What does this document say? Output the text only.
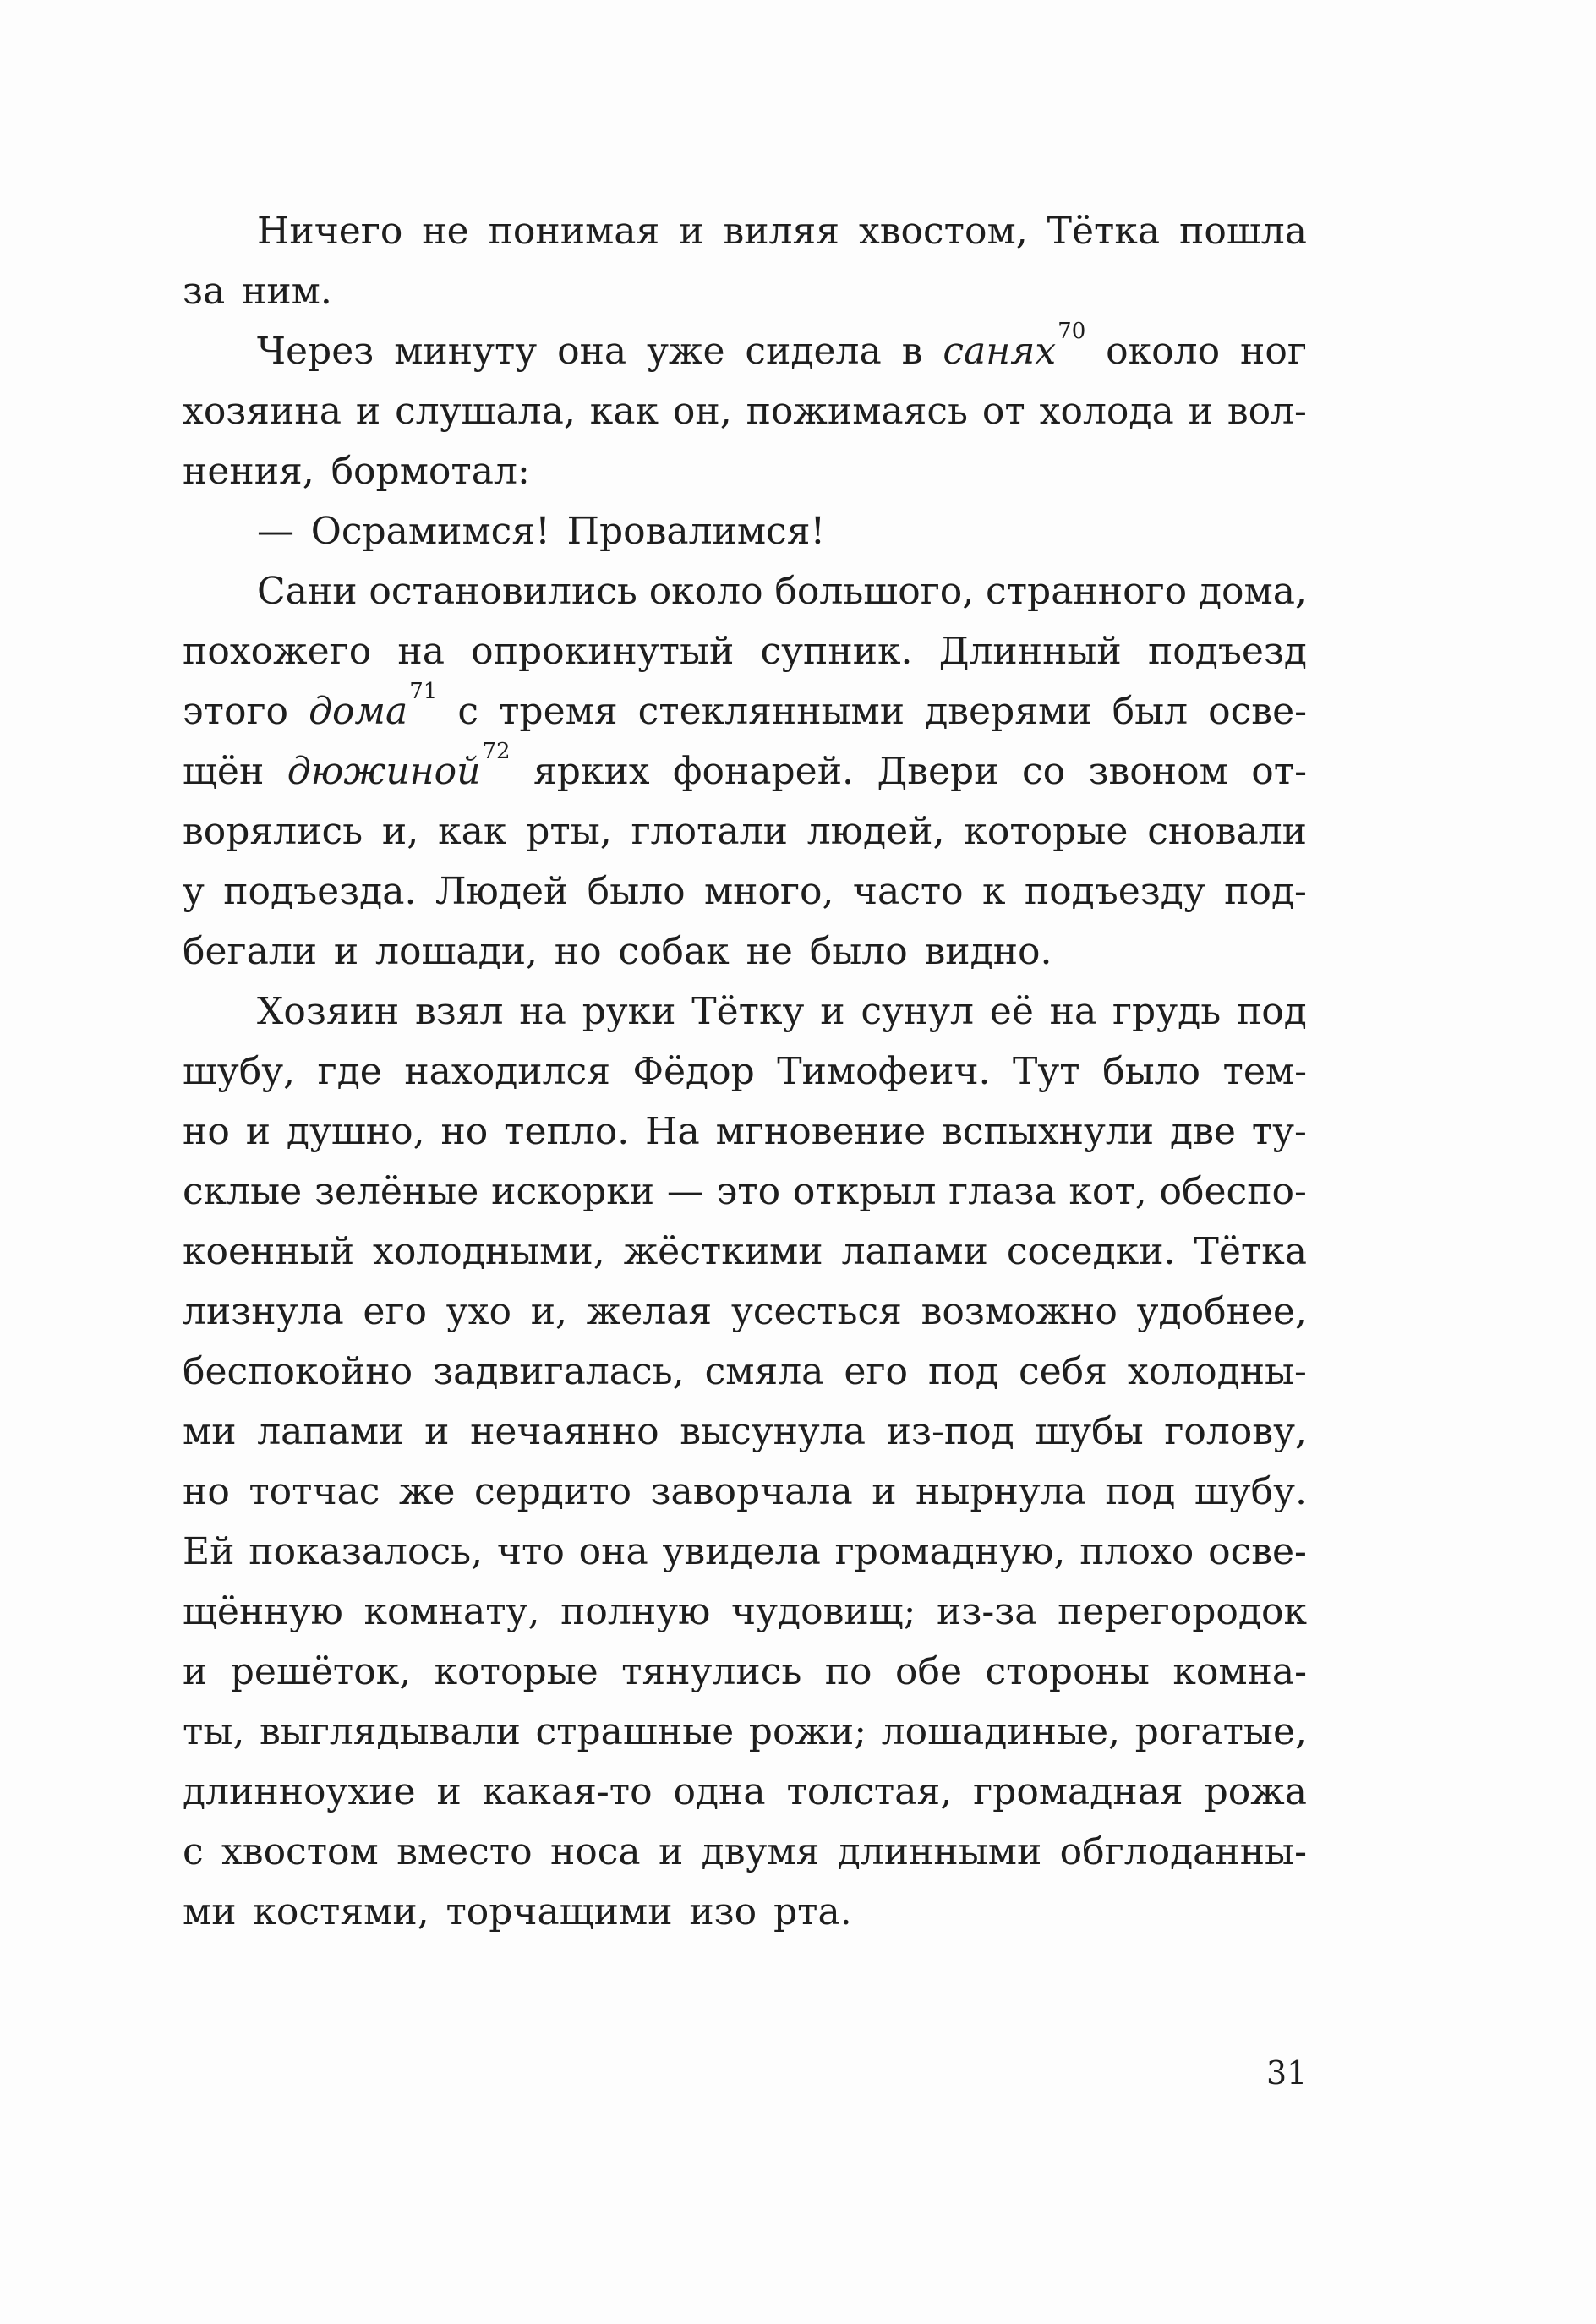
Ничего не понимая и виляя хвостом, Тётка пошла
за ним.
Через минуту она уже сидела в санях$^{70}$ около ног
хозяина и слушала, как он, пожимаясь от холода и вол-
нения, бормотал:
— Осрамимся! Провалимся!
Сани остановились около большого, странного дома,
похожего на опрокинутый супник. Длинный подъезд
этого дома$^{71}$ с тремя стеклянными дверями был осве-
щён дюжиной$^{72}$ ярких фонарей. Двери со звоном от-
ворялись и, как рты, глотали людей, которые сновали
у подъезда. Людей было много, часто к подъезду под-
бегали и лошади, но собак не было видно.
Хозяин взял на руки Тётку и сунул её на грудь под
шубу, где находился Фёдор Тимофеич. Тут было тем-
но и душно, но тепло. На мгновение вспыхнули две ту-
склые зелёные искорки — это открыл глаза кот, обеспо-
коенный холодными, жёсткими лапами соседки. Тётка
лизнула его ухо и, желая усесться возможно удобнее,
беспокойно задвигалась, смяла его под себя холодны-
ми лапами и нечаянно высунула из-под шубы голову,
но тотчас же сердито заворчала и нырнула под шубу.
Ей показалось, что она увидела громадную, плохо осве-
щённую комнату, полную чудовищ; из-за перегородок
и решёток, которые тянулись по обе стороны комна-
ты, выглядывали страшные рожи; лошадиные, рогатые,
длинноухие и какая-то одна толстая, громадная рожа
с хвостом вместо носа и двумя длинными обглоданны-
ми костями, торчащими изо рта.
31
